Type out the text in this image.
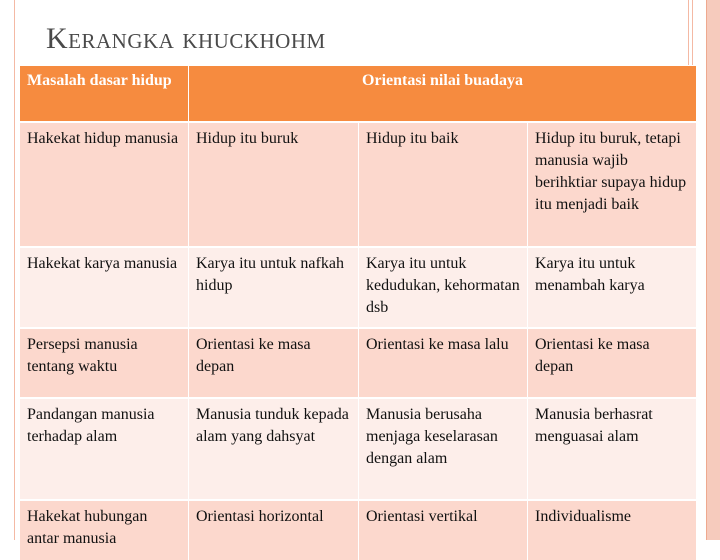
Kerangka khuckhohm
Masalah dasar hidup	Orientasi nilai buadaya		
Hakekat hidup manusia	Hidup itu buruk	Hidup itu baik	Hidup itu buruk, tetapi manusia wajib berihktiar supaya hidup itu menjadi baik
Hakekat karya manusia	Karya itu untuk nafkah hidup	Karya itu untuk kedudukan, kehormatan dsb	Karya itu untuk menambah karya
Persepsi manusia tentang waktu	Orientasi ke masa depan	Orientasi ke masa lalu	Orientasi ke masa depan
Pandangan manusia terhadap alam	Manusia tunduk kepada alam yang dahsyat	Manusia berusaha menjaga keselarasan dengan alam	Manusia berhasrat menguasai alam
Hakekat hubungan antar manusia	Orientasi horizontal	Orientasi vertikal	Individualisme
